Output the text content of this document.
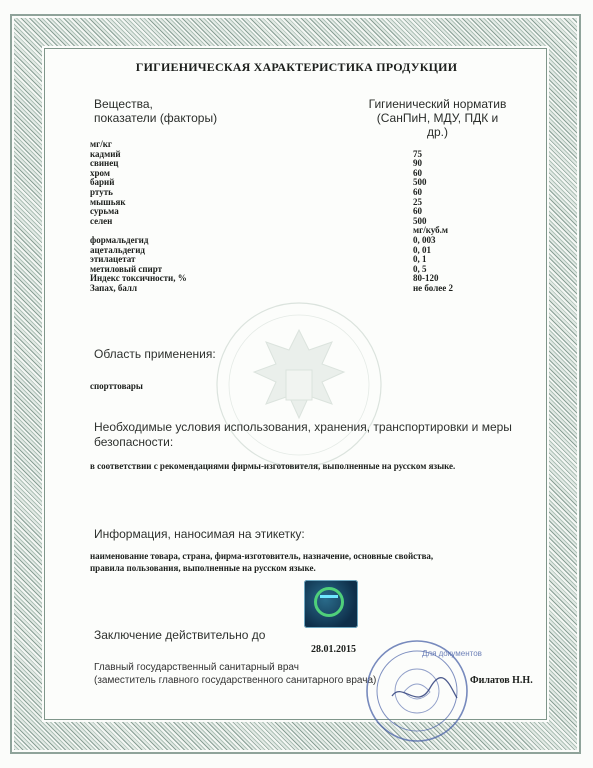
ГИГИЕНИЧЕСКАЯ ХАРАКТЕРИСТИКА ПРОДУКЦИИ
Вещества,
показатели (факторы)
Гигиенический норматив (СанПиН, МДУ, ПДК и др.)
мг/кг
кадмий	75
свинец	90
хром	60
барий	500
ртуть	60
мышьяк	25
сурьма	60
селен	500
мг/куб.м
формальдегид	0, 003
ацетальдегид	0, 01
этилацетат	0, 1
метиловый спирт	0, 5
Индекс токсичности, %	80-120
Запах, балл	не более 2
Область применения:
спорттовары
Необходимые условия использования, хранения, транспортировки и меры
безопасности:
в соответствии с рекомендациями фирмы-изготовителя, выполненные на русском языке.
Информация, наносимая на этикетку:
наименование товара, страна, фирма-изготовитель, назначение, основные свойства,
правила пользования, выполненные на русском языке.
Заключение действительно до
28.01.2015
Главный государственный санитарный врач
(заместитель главного государственного санитарного врача)	Филатов Н.Н.
Для документов
